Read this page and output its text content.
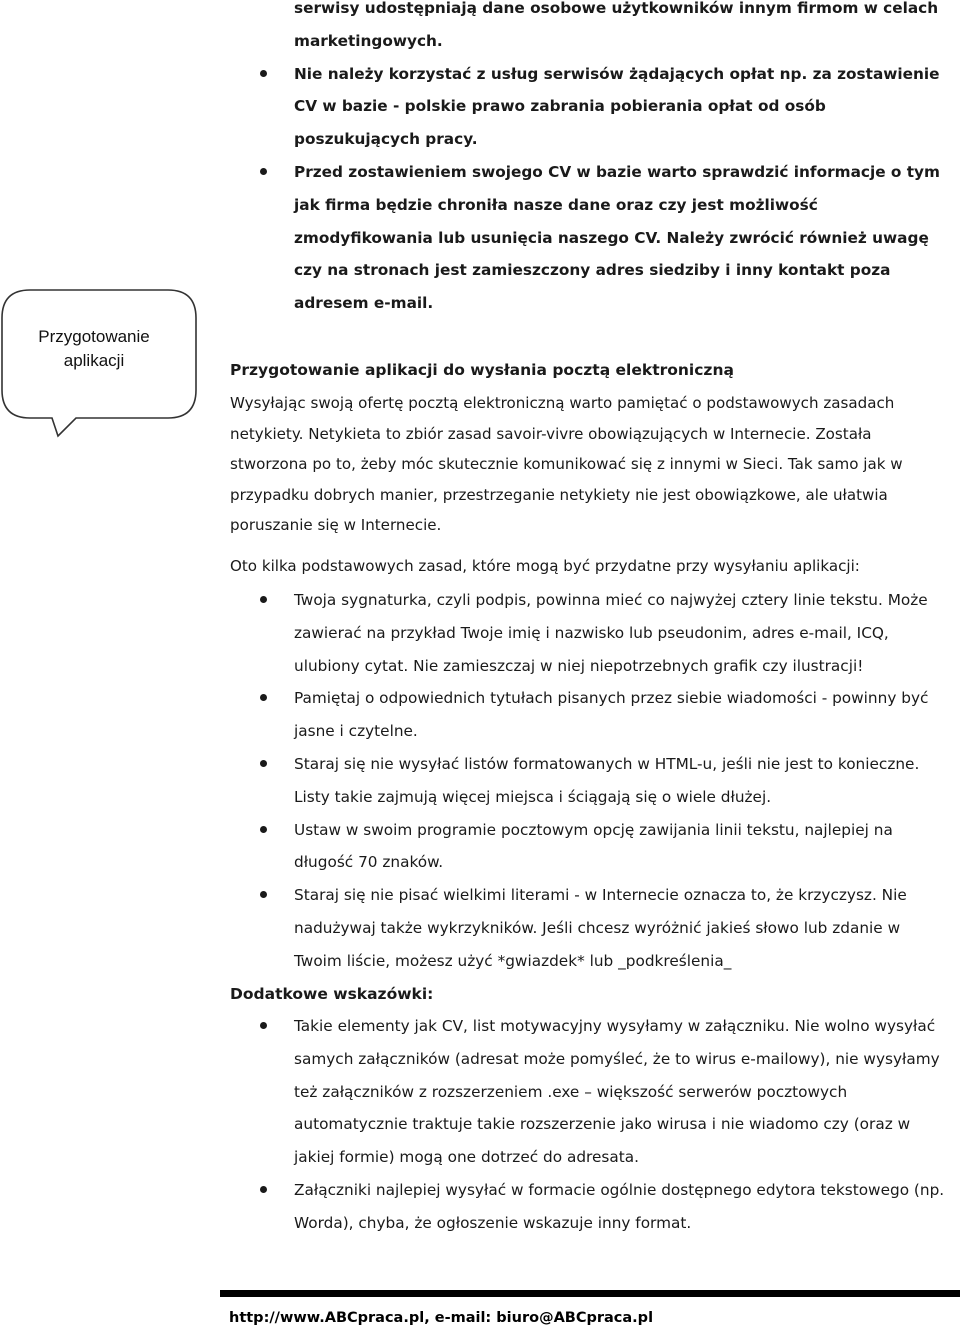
Przygotowanie
aplikacji
serwisy udostępniają dane osobowe użytkowników innym firmom w celach marketingowych.
Nie należy korzystać z usług serwisów żądających opłat np. za zostawienie CV w bazie - polskie prawo zabrania pobierania opłat od osób poszukujących pracy.
Przed zostawieniem swojego CV w bazie warto sprawdzić informacje o tym jak firma będzie chroniła nasze dane oraz czy jest możliwość zmodyfikowania lub usunięcia naszego CV. Należy zwrócić również uwagę czy na stronach jest zamieszczony adres siedziby i inny kontakt poza adresem e-mail.
Przygotowanie aplikacji do wysłania pocztą elektroniczną

Wysyłając swoją ofertę pocztą elektroniczną warto pamiętać o podstawowych zasadach netykiety. Netykieta to zbiór zasad savoir-vivre obowiązujących w Internecie. Została stworzona po to, żeby móc skutecznie komunikować się z innymi w Sieci. Tak samo jak w przypadku dobrych manier, przestrzeganie netykiety nie jest obowiązkowe, ale ułatwia poruszanie się w Internecie.

Oto kilka podstawowych zasad, które mogą być przydatne przy wysyłaniu aplikacji:

Twoja sygnaturka, czyli podpis, powinna mieć co najwyżej cztery linie tekstu. Może zawierać na przykład Twoje imię i nazwisko lub pseudonim, adres e-mail, ICQ, ulubiony cytat. Nie zamieszczaj w niej niepotrzebnych grafik czy ilustracji!
Pamiętaj o odpowiednich tytułach pisanych przez siebie wiadomości - powinny być jasne i czytelne.
Staraj się nie wysyłać listów formatowanych w HTML-u, jeśli nie jest to konieczne. Listy takie zajmują więcej miejsca i ściągają się o wiele dłużej.
Ustaw w swoim programie pocztowym opcję zawijania linii tekstu, najlepiej na długość 70 znaków.
Staraj się nie pisać wielkimi literami - w Internecie oznacza to, że krzyczysz. Nie nadużywaj także wykrzykników. Jeśli chcesz wyróżnić jakieś słowo lub zdanie w Twoim liście, możesz użyć *gwiazdek* lub _podkreślenia_
Dodatkowe wskazówki:
Takie elementy jak CV, list motywacyjny wysyłamy w załączniku. Nie wolno wysyłać samych załączników (adresat może pomyśleć, że to wirus e-mailowy), nie wysyłamy też załączników z rozszerzeniem .exe – większość serwerów pocztowych automatycznie traktuje takie rozszerzenie jako wirusa i nie wiadomo czy (oraz w jakiej formie) mogą one dotrzeć do adresata.
Załączniki najlepiej wysyłać w formacie ogólnie dostępnego edytora tekstowego (np. Worda), chyba, że ogłoszenie wskazuje inny format.
http://www.ABCpraca.pl, e-mail: biuro@ABCpraca.pl
